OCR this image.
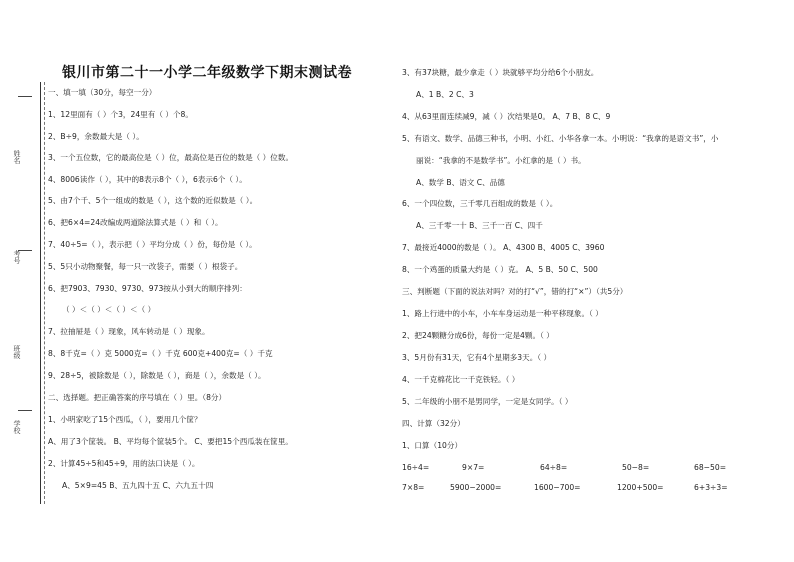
姓名
考号
班级
学校
银川市第二十一小学二年级数学下期末测试卷
一、填一填（30分，每空一分）
1、12里面有（ ）个3，24里有（ ）个8。
2、B÷9，余数最大是（ ）。
3、一个五位数，它的最高位是（ ）位，最高位是百位的数是（ ）位数。
4、8006读作（ ），其中的8表示8个（ ），6表示6个（ ）。
5、由7个千、5个一组成的数是（ ），这个数的近似数是（ ）。
6、把6×4=24改编成两道除法算式是（ ）和（ ）。
7、40÷5=（ ），表示把（ ）平均分成（ ）份，每份是（ ）。
5、5只小动物聚餐，每一只一改袋子，需要（ ）根袋子。
6、把7903、7930、9730、973按从小到大的顺序排列：
（ ）＜（ ）＜（ ）＜（ ）
7、拉抽屉是（ ）现象，风车转动是（ ）现象。
8、8千克=（ ）克 5000克=（ ）千克 600克+400克=（ ）千克
9、28÷5，被除数是（ ），除数是（ ），商是（ ），余数是（ ）。
二、选择题。把正确答案的序号填在（ ）里。（8分）
1、小明家吃了15个西瓜，（ ），要用几个筐？
A、用了3个筐装。 B、平均每个筐装5个。 C、要把15个西瓜装在筐里。
2、计算45÷5和45÷9，用的法口诀是（ ）。
A、5×9=45 B、五九四十五 C、六九五十四
3、有37块糖，最少拿走（ ）块就够平均分给6个小朋友。
A、1 B、2 C、3
4、从63里面连续减9，减（ ）次结果是0。 A、7 B、8 C、9
5、有语文、数学、品德三种书，小明、小红、小华各拿一本。小明说：“我拿的是语文书”，小
丽说：“我拿的不是数学书”。小红拿的是（ ）书。
A、数学 B、语文 C、品德
6、一个四位数，三千零几百组成的数是（ ）。
A、三千零一十 B、三千一百 C、四千
7、最接近4000的数是（ ）。 A、4300 B、4005 C、3960
8、一个鸡蛋的质量大约是（ ）克。 A、5 B、50 C、500
三、判断题（下面的说法对吗？对的打“√”，错的打“×”）（共5分）
1、路上行进中的小车，小车车身运动是一种平移现象。（ ）
2、把24颗糖分成6份，每份一定是4颗。（ ）
3、5月份有31天，它有4个星期多3天。（ ）
4、一千克棉花比一千克铁轻。（ ）
5、二年级的小朋不是男同学，一定是女同学。（ ）
四、计算（32分）
1、口算（10分）
16÷4=	9×7=	64÷8=	50−8=	68−50=
7×8=	5900−2000=	1600−700=	1200+500=	6+3÷3=
